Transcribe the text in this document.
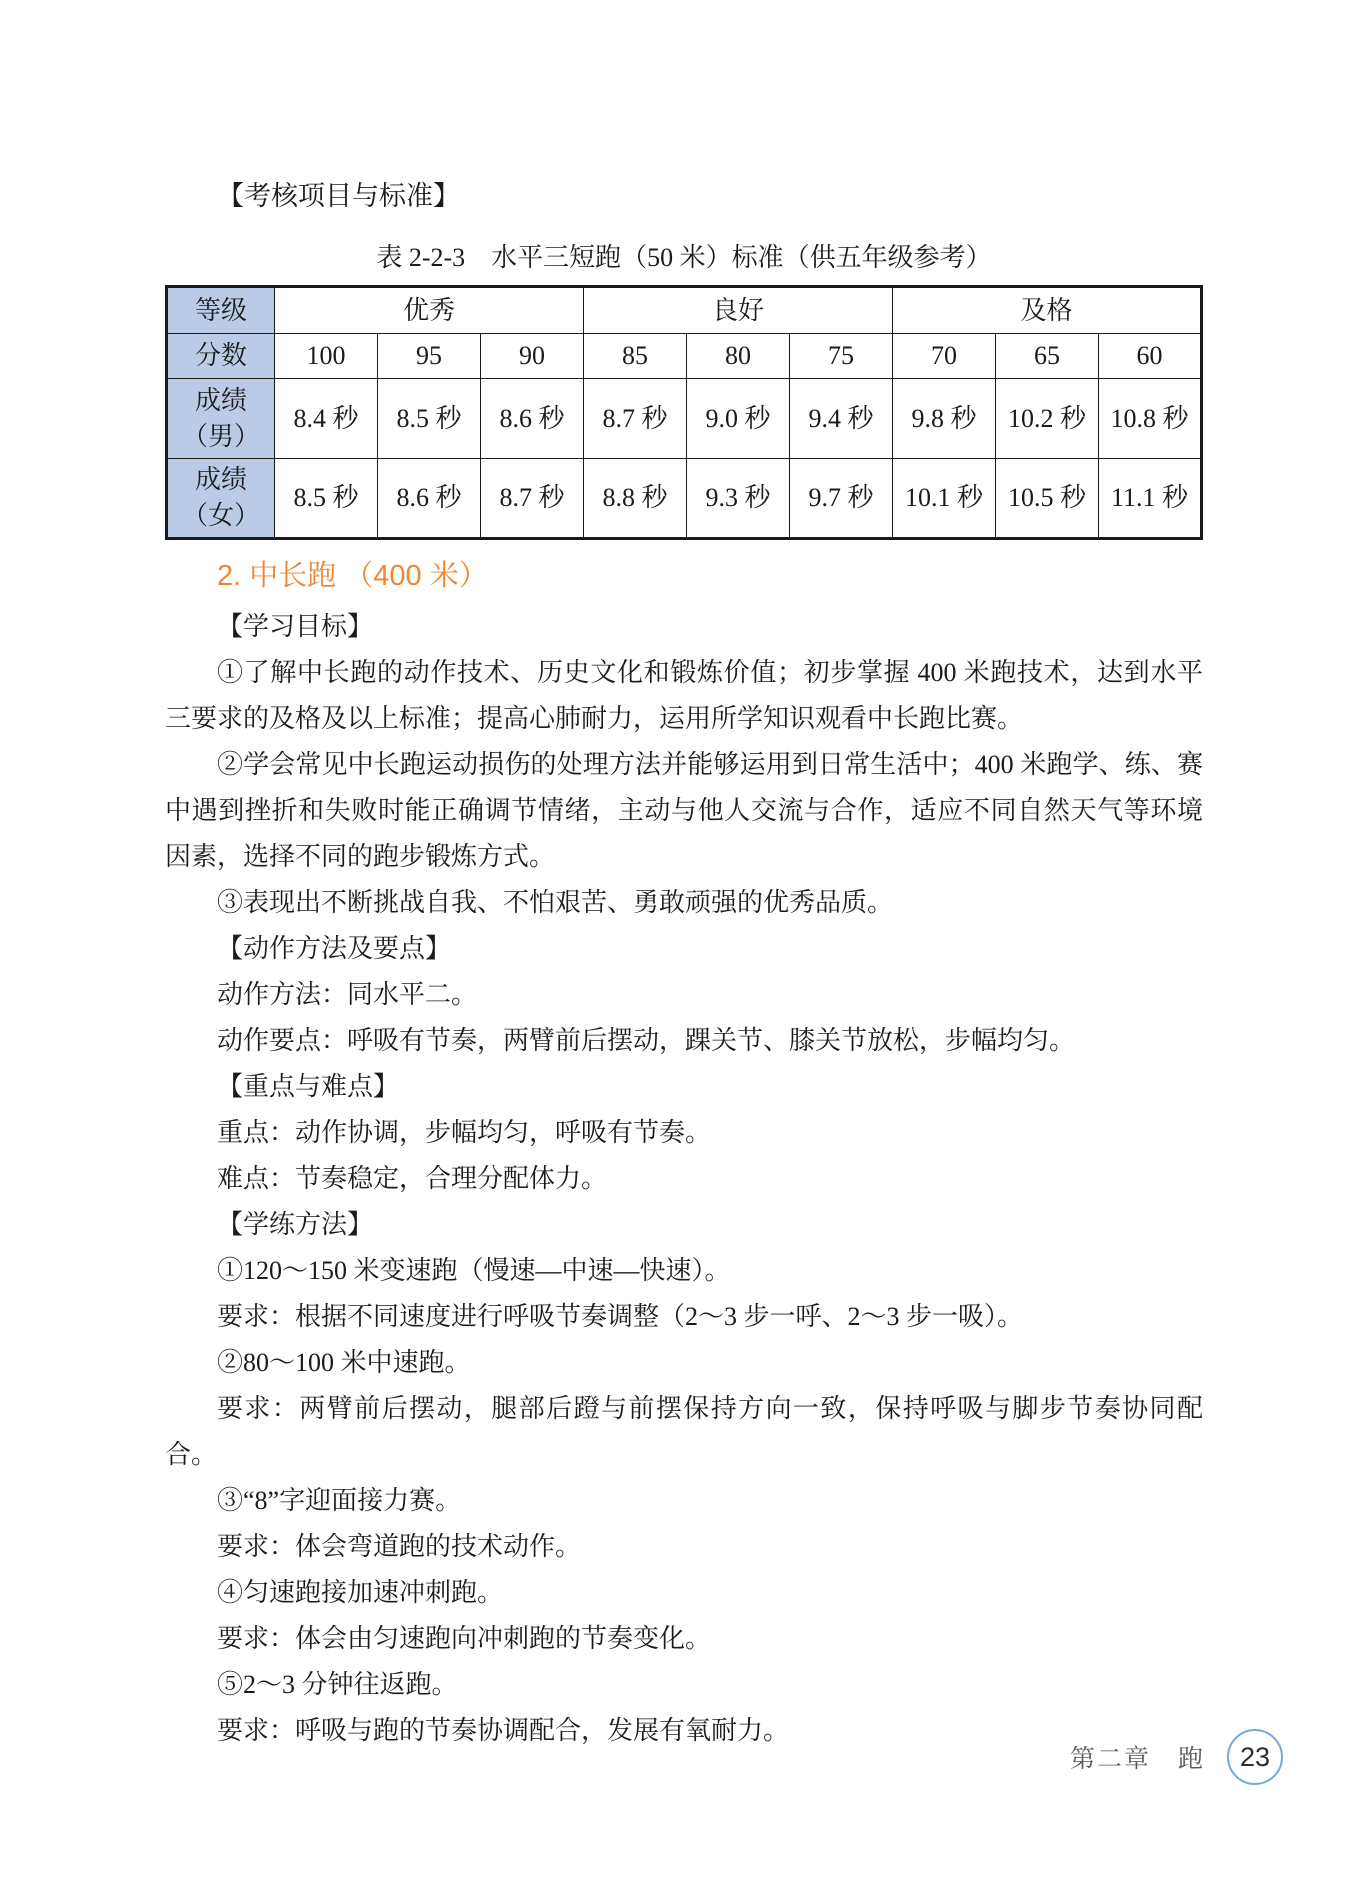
【考核项目与标准】
表 2-2-3　水平三短跑（50 米）标准（供五年级参考）
等级	优秀			良好			及格		
分数	100	95	90	85	80	75	70	65	60

成绩
（男）	8.4 秒	8.5 秒	8.6 秒	8.7 秒	9.0 秒	9.4 秒	9.8 秒	10.2 秒	10.8 秒

成绩
（女）	8.5 秒	8.6 秒	8.7 秒	8.8 秒	9.3 秒	9.7 秒	10.1 秒	10.5 秒	11.1 秒
2. 中长跑 （400 米）

【学习目标】

①了解中长跑的动作技术、历史文化和锻炼价值；初步掌握 400 米跑技术，达到水平三要求的及格及以上标准；提高心肺耐力，运用所学知识观看中长跑比赛。

②学会常见中长跑运动损伤的处理方法并能够运用到日常生活中；400 米跑学、练、赛中遇到挫折和失败时能正确调节情绪，主动与他人交流与合作，适应不同自然天气等环境因素，选择不同的跑步锻炼方式。

③表现出不断挑战自我、不怕艰苦、勇敢顽强的优秀品质。

【动作方法及要点】

动作方法：同水平二。

动作要点：呼吸有节奏，两臂前后摆动，踝关节、膝关节放松，步幅均匀。

【重点与难点】

重点：动作协调，步幅均匀，呼吸有节奏。

难点：节奏稳定，合理分配体力。

【学练方法】

①120～150 米变速跑（慢速—中速—快速）。

要求：根据不同速度进行呼吸节奏调整（2～3 步一呼、2～3 步一吸）。

②80～100 米中速跑。

要求：两臂前后摆动，腿部后蹬与前摆保持方向一致，保持呼吸与脚步节奏协同配合。

③“8”字迎面接力赛。

要求：体会弯道跑的技术动作。

④匀速跑接加速冲刺跑。

要求：体会由匀速跑向冲刺跑的节奏变化。

⑤2～3 分钟往返跑。

要求：呼吸与跑的节奏协调配合，发展有氧耐力。

第二章　跑	23
